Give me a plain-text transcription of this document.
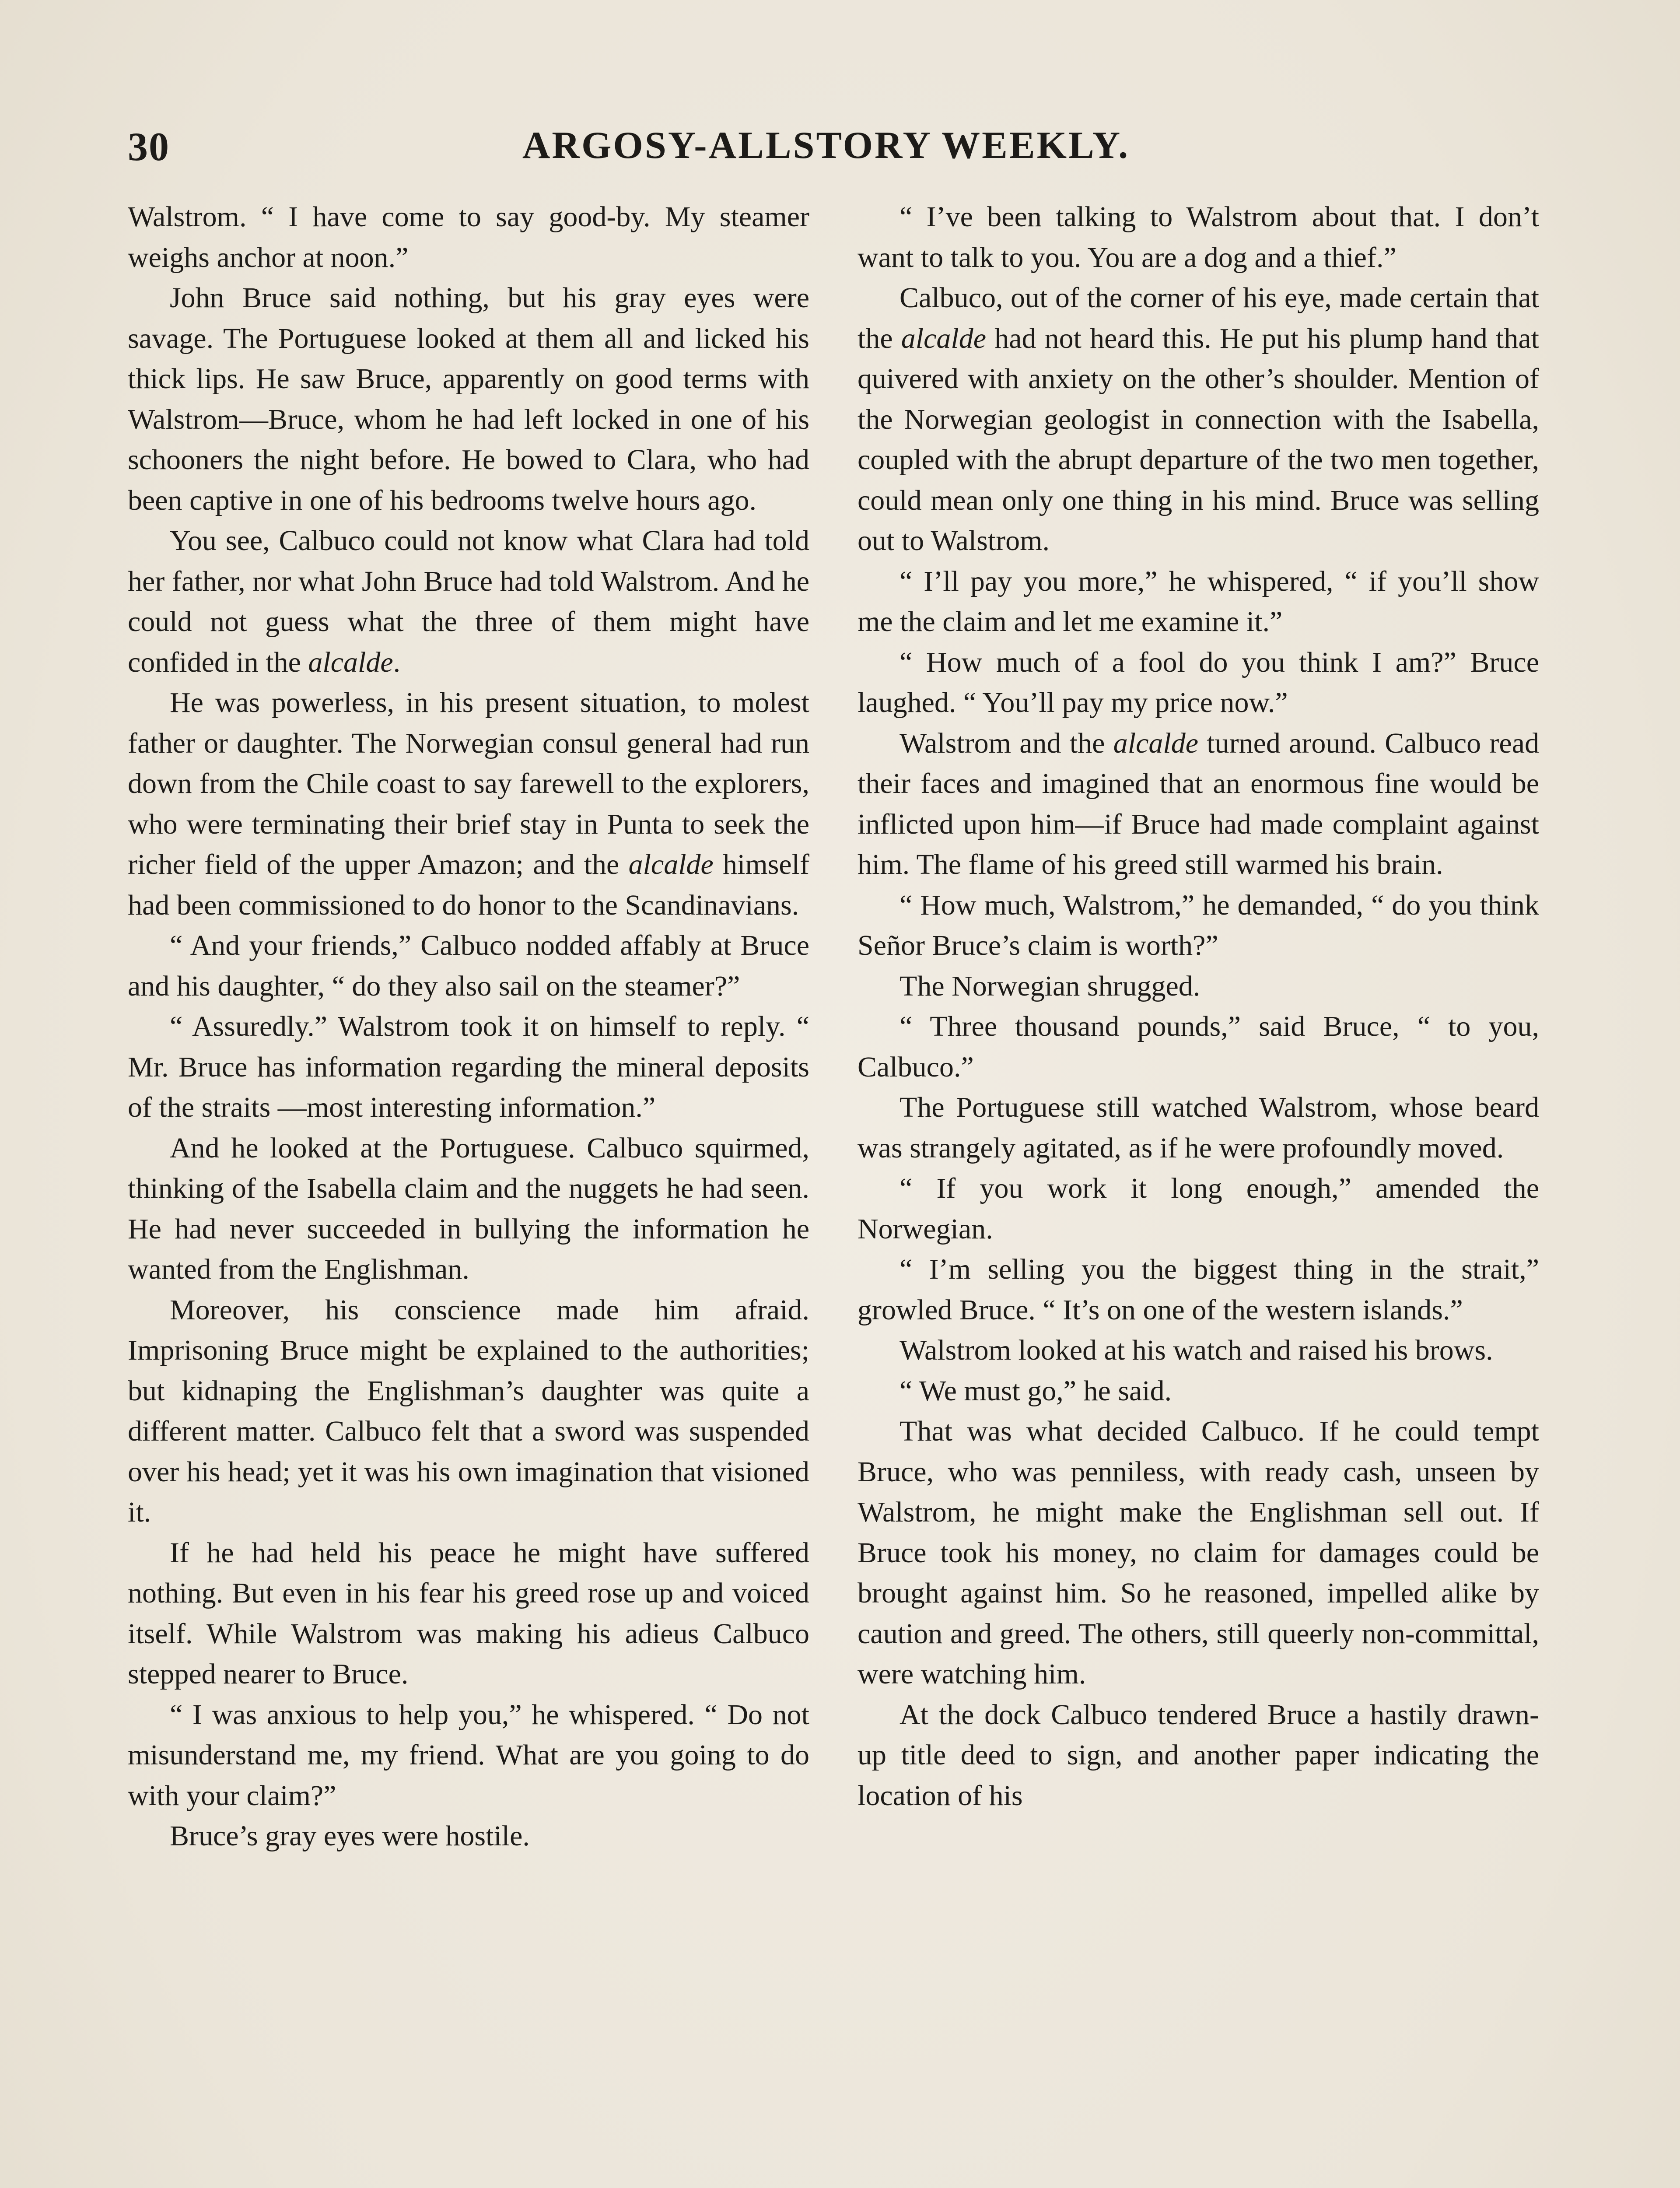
30	ARGOSY-ALLSTORY WEEKLY.

Walstrom. “ I have come to say good-by. My steamer weighs anchor at noon.”

John Bruce said nothing, but his gray eyes were savage. The Portuguese looked at them all and licked his thick lips. He saw Bruce, apparently on good terms with Walstrom—Bruce, whom he had left locked in one of his schooners the night before. He bowed to Clara, who had been captive in one of his bedrooms twelve hours ago.

You see, Calbuco could not know what Clara had told her father, nor what John Bruce had told Walstrom. And he could not guess what the three of them might have confided in the alcalde.

He was powerless, in his present situation, to molest father or daughter. The Norwegian consul general had run down from the Chile coast to say farewell to the explorers, who were terminating their brief stay in Punta to seek the richer field of the upper Amazon; and the alcalde himself had been commissioned to do honor to the Scandinavians.

“ And your friends,” Calbuco nodded affably at Bruce and his daughter, “ do they also sail on the steamer?”

“ Assuredly.” Walstrom took it on himself to reply. “ Mr. Bruce has information regarding the mineral deposits of the straits —most interesting information.”

And he looked at the Portuguese. Calbuco squirmed, thinking of the Isabella claim and the nuggets he had seen. He had never succeeded in bullying the information he wanted from the Englishman.

Moreover, his conscience made him afraid. Imprisoning Bruce might be explained to the authorities; but kidnaping the Englishman’s daughter was quite a different matter. Calbuco felt that a sword was suspended over his head; yet it was his own imagination that visioned it.

If he had held his peace he might have suffered nothing. But even in his fear his greed rose up and voiced itself. While Walstrom was making his adieus Calbuco stepped nearer to Bruce.

“ I was anxious to help you,” he whispered. “ Do not misunderstand me, my friend. What are you going to do with your claim?”

Bruce’s gray eyes were hostile.

“ I’ve been talking to Walstrom about that. I don’t want to talk to you. You are a dog and a thief.”

Calbuco, out of the corner of his eye, made certain that the alcalde had not heard this. He put his plump hand that quivered with anxiety on the other’s shoulder. Mention of the Norwegian geologist in connection with the Isabella, coupled with the abrupt departure of the two men together, could mean only one thing in his mind. Bruce was selling out to Walstrom.

“ I’ll pay you more,” he whispered, “ if you’ll show me the claim and let me examine it.”

“ How much of a fool do you think I am?” Bruce laughed. “ You’ll pay my price now.”

Walstrom and the alcalde turned around. Calbuco read their faces and imagined that an enormous fine would be inflicted upon him—if Bruce had made complaint against him. The flame of his greed still warmed his brain.

“ How much, Walstrom,” he demanded, “ do you think Señor Bruce’s claim is worth?”

The Norwegian shrugged.

“ Three thousand pounds,” said Bruce, “ to you, Calbuco.”

The Portuguese still watched Walstrom, whose beard was strangely agitated, as if he were profoundly moved.

“ If you work it long enough,” amended the Norwegian.

“ I’m selling you the biggest thing in the strait,” growled Bruce. “ It’s on one of the western islands.”

Walstrom looked at his watch and raised his brows.

“ We must go,” he said.

That was what decided Calbuco. If he could tempt Bruce, who was penniless, with ready cash, unseen by Walstrom, he might make the Englishman sell out. If Bruce took his money, no claim for damages could be brought against him. So he reasoned, impelled alike by caution and greed. The others, still queerly non-committal, were watching him.

At the dock Calbuco tendered Bruce a hastily drawn-up title deed to sign, and another paper indicating the location of his
